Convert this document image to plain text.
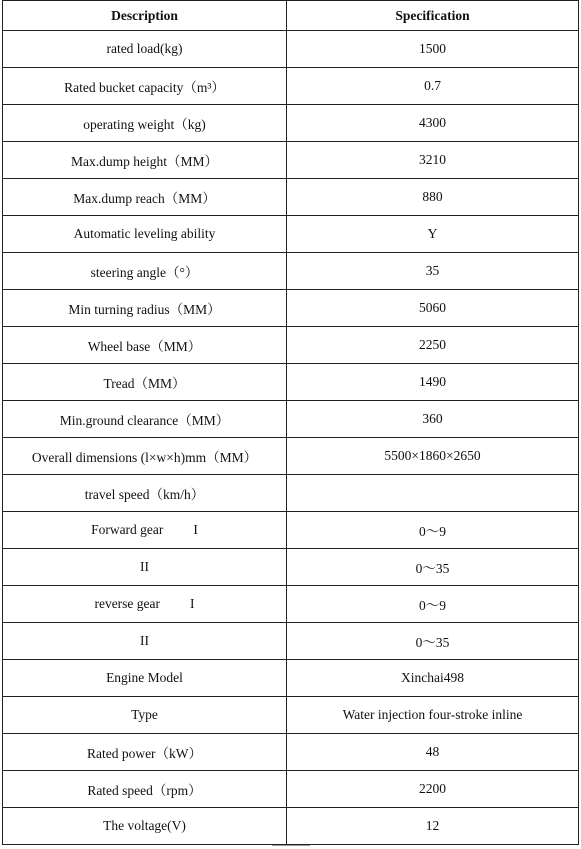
Description	Specification
rated load(kg)	1500
Rated bucket capacity（m³）	0.7
operating weight（kg)	4300
Max.dump height（MM）	3210
Max.dump reach（MM）	880
Automatic leveling ability	Y
steering angle（°）	35
Min turning radius（MM）	5060
Wheel base（MM）	2250
Tread（MM）	1490
Min.ground clearance（MM）	360
Overall dimensions (l×w×h)mm（MM）	5500×1860×2650
travel speed（km/h）	
Forward gear I	0～9
II	0～35
reverse gear I	0～9
II	0～35
Engine Model	Xinchai498
Type	Water injection four-stroke inline
Rated power（kW）	48
Rated speed（rpm）	2200
The voltage(V)	12
